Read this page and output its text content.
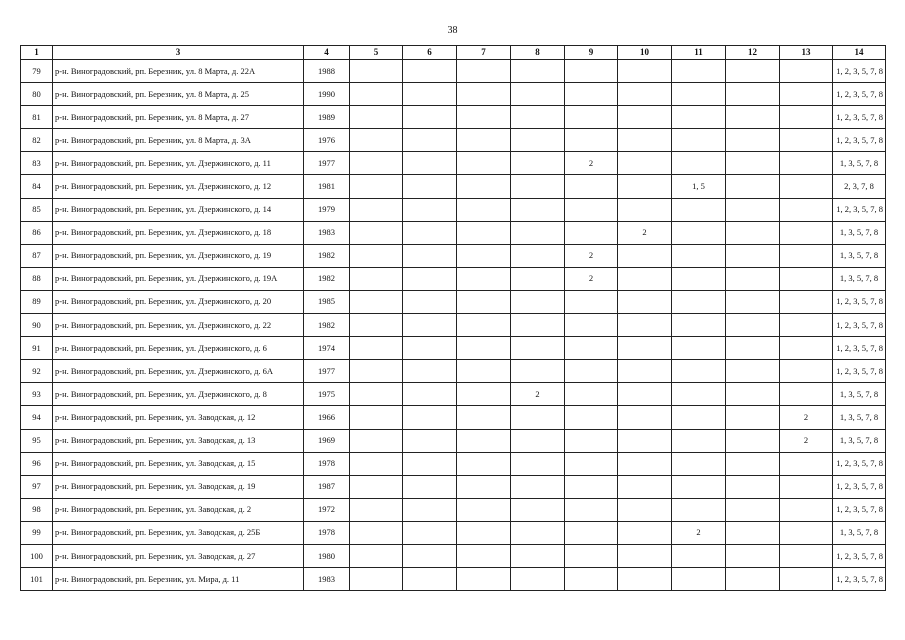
38
1	3	4	5	6	7	8	9	10	11	12	13	14
79	р-н. Виноградовский, рп. Березник, ул. 8 Марта, д. 22А	1988										1, 2, 3, 5, 7, 8
80	р-н. Виноградовский, рп. Березник, ул. 8 Марта, д. 25	1990										1, 2, 3, 5, 7, 8
81	р-н. Виноградовский, рп. Березник, ул. 8 Марта, д. 27	1989										1, 2, 3, 5, 7, 8
82	р-н. Виноградовский, рп. Березник, ул. 8 Марта, д. 3А	1976										1, 2, 3, 5, 7, 8
83	р-н. Виноградовский, рп. Березник, ул. Дзержинского, д. 11	1977					2					1, 3, 5, 7, 8
84	р-н. Виноградовский, рп. Березник, ул. Дзержинского, д. 12	1981							1, 5			2, 3, 7, 8
85	р-н. Виноградовский, рп. Березник, ул. Дзержинского, д. 14	1979										1, 2, 3, 5, 7, 8
86	р-н. Виноградовский, рп. Березник, ул. Дзержинского, д. 18	1983						2				1, 3, 5, 7, 8
87	р-н. Виноградовский, рп. Березник, ул. Дзержинского, д. 19	1982					2					1, 3, 5, 7, 8
88	р-н. Виноградовский, рп. Березник, ул. Дзержинского, д. 19А	1982					2					1, 3, 5, 7, 8
89	р-н. Виноградовский, рп. Березник, ул. Дзержинского, д. 20	1985										1, 2, 3, 5, 7, 8
90	р-н. Виноградовский, рп. Березник, ул. Дзержинского, д. 22	1982										1, 2, 3, 5, 7, 8
91	р-н. Виноградовский, рп. Березник, ул. Дзержинского, д. 6	1974										1, 2, 3, 5, 7, 8
92	р-н. Виноградовский, рп. Березник, ул. Дзержинского, д. 6А	1977										1, 2, 3, 5, 7, 8
93	р-н. Виноградовский, рп. Березник, ул. Дзержинского, д. 8	1975				2						1, 3, 5, 7, 8
94	р-н. Виноградовский, рп. Березник, ул. Заводская, д. 12	1966									2	1, 3, 5, 7, 8
95	р-н. Виноградовский, рп. Березник, ул. Заводская, д. 13	1969									2	1, 3, 5, 7, 8
96	р-н. Виноградовский, рп. Березник, ул. Заводская, д. 15	1978										1, 2, 3, 5, 7, 8
97	р-н. Виноградовский, рп. Березник, ул. Заводская, д. 19	1987										1, 2, 3, 5, 7, 8
98	р-н. Виноградовский, рп. Березник, ул. Заводская, д. 2	1972										1, 2, 3, 5, 7, 8
99	р-н. Виноградовский, рп. Березник, ул. Заводская, д. 25Б	1978							2			1, 3, 5, 7, 8
100	р-н. Виноградовский, рп. Березник, ул. Заводская, д. 27	1980										1, 2, 3, 5, 7, 8
101	р-н. Виноградовский, рп. Березник, ул. Мира, д. 11	1983										1, 2, 3, 5, 7, 8
